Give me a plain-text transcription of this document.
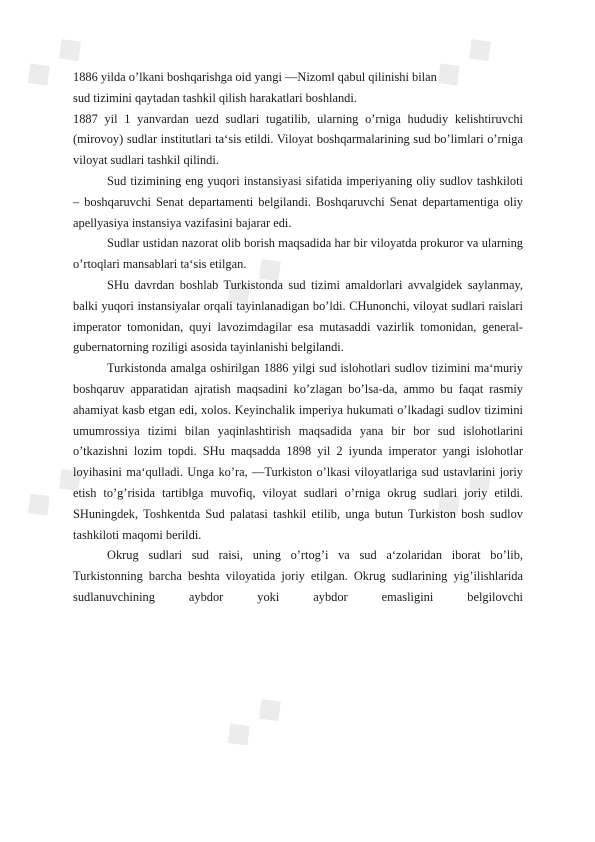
◆ ◆	◆ ◆
◆ ◆
◆ ◆	◆ ◆
◆ ◆

1886 yilda o’lkani boshqarishga oid yangi ―Nizom‖ qabul qilinishi bilan
sud tizimini qaytadan tashkil qilish harakatlari boshlandi.

1887 yil 1 yanvardan uezd sudlari tugatilib, ularning o’rniga hududiy kelishtiruvchi (mirovoy) sudlar institutlari ta‘sis etildi. Viloyat boshqarmalarining sud bo’limlari o’rniga viloyat sudlari tashkil qilindi.

Sud tizimining eng yuqori instansiyasi sifatida imperiyaning oliy sudlov tashkiloti – boshqaruvchi Senat departamenti belgilandi. Boshqaruvchi Senat departamentiga oliy apellyasiya instansiya vazifasini bajarar edi.

Sudlar ustidan nazorat olib borish maqsadida har bir viloyatda prokuror va ularning o’rtoqlari mansablari ta‘sis etilgan.

SHu davrdan boshlab Turkistonda sud tizimi amaldorlari avvalgidek saylanmay, balki yuqori instansiyalar orqali tayinlanadigan bo’ldi. CHunonchi, viloyat sudlari raislari imperator tomonidan, quyi lavozimdagilar esa mutasaddi vazirlik tomonidan, general-gubernatorning roziligi asosida tayinlanishi belgilandi.

Turkistonda amalga oshirilgan 1886 yilgi sud islohotlari sudlov tizimini ma‘muriy boshqaruv apparatidan ajratish maqsadini ko’zlagan bo’lsa-da, ammo bu faqat rasmiy ahamiyat kasb etgan edi, xolos. Keyinchalik imperiya hukumati o’lkadagi sudlov tizimini umumrossiya tizimi bilan yaqinlashtirish maqsadida yana bir bor sud islohotlarini o’tkazishni lozim topdi. SHu maqsadda 1898 yil 2 iyunda imperator yangi islohotlar loyihasini ma‘qulladi. Unga ko’ra, ―Turkiston o’lkasi viloyatlariga sud ustavlarini joriy etish to’g’risida tartib‖ga muvofiq, viloyat sudlari o’rniga okrug sudlari joriy etildi. SHuningdek, Toshkentda Sud palatasi tashkil etilib, unga butun Turkiston bosh sudlov tashkiloti maqomi berildi.

Okrug sudlari sud raisi, uning o’rtog’i va sud a‘zolaridan iborat bo’lib, Turkistonning barcha beshta viloyatida joriy etilgan. Okrug sudlarining yig’ilishlarida sudlanuvchining aybdor yoki aybdor emasligini belgilovchi
